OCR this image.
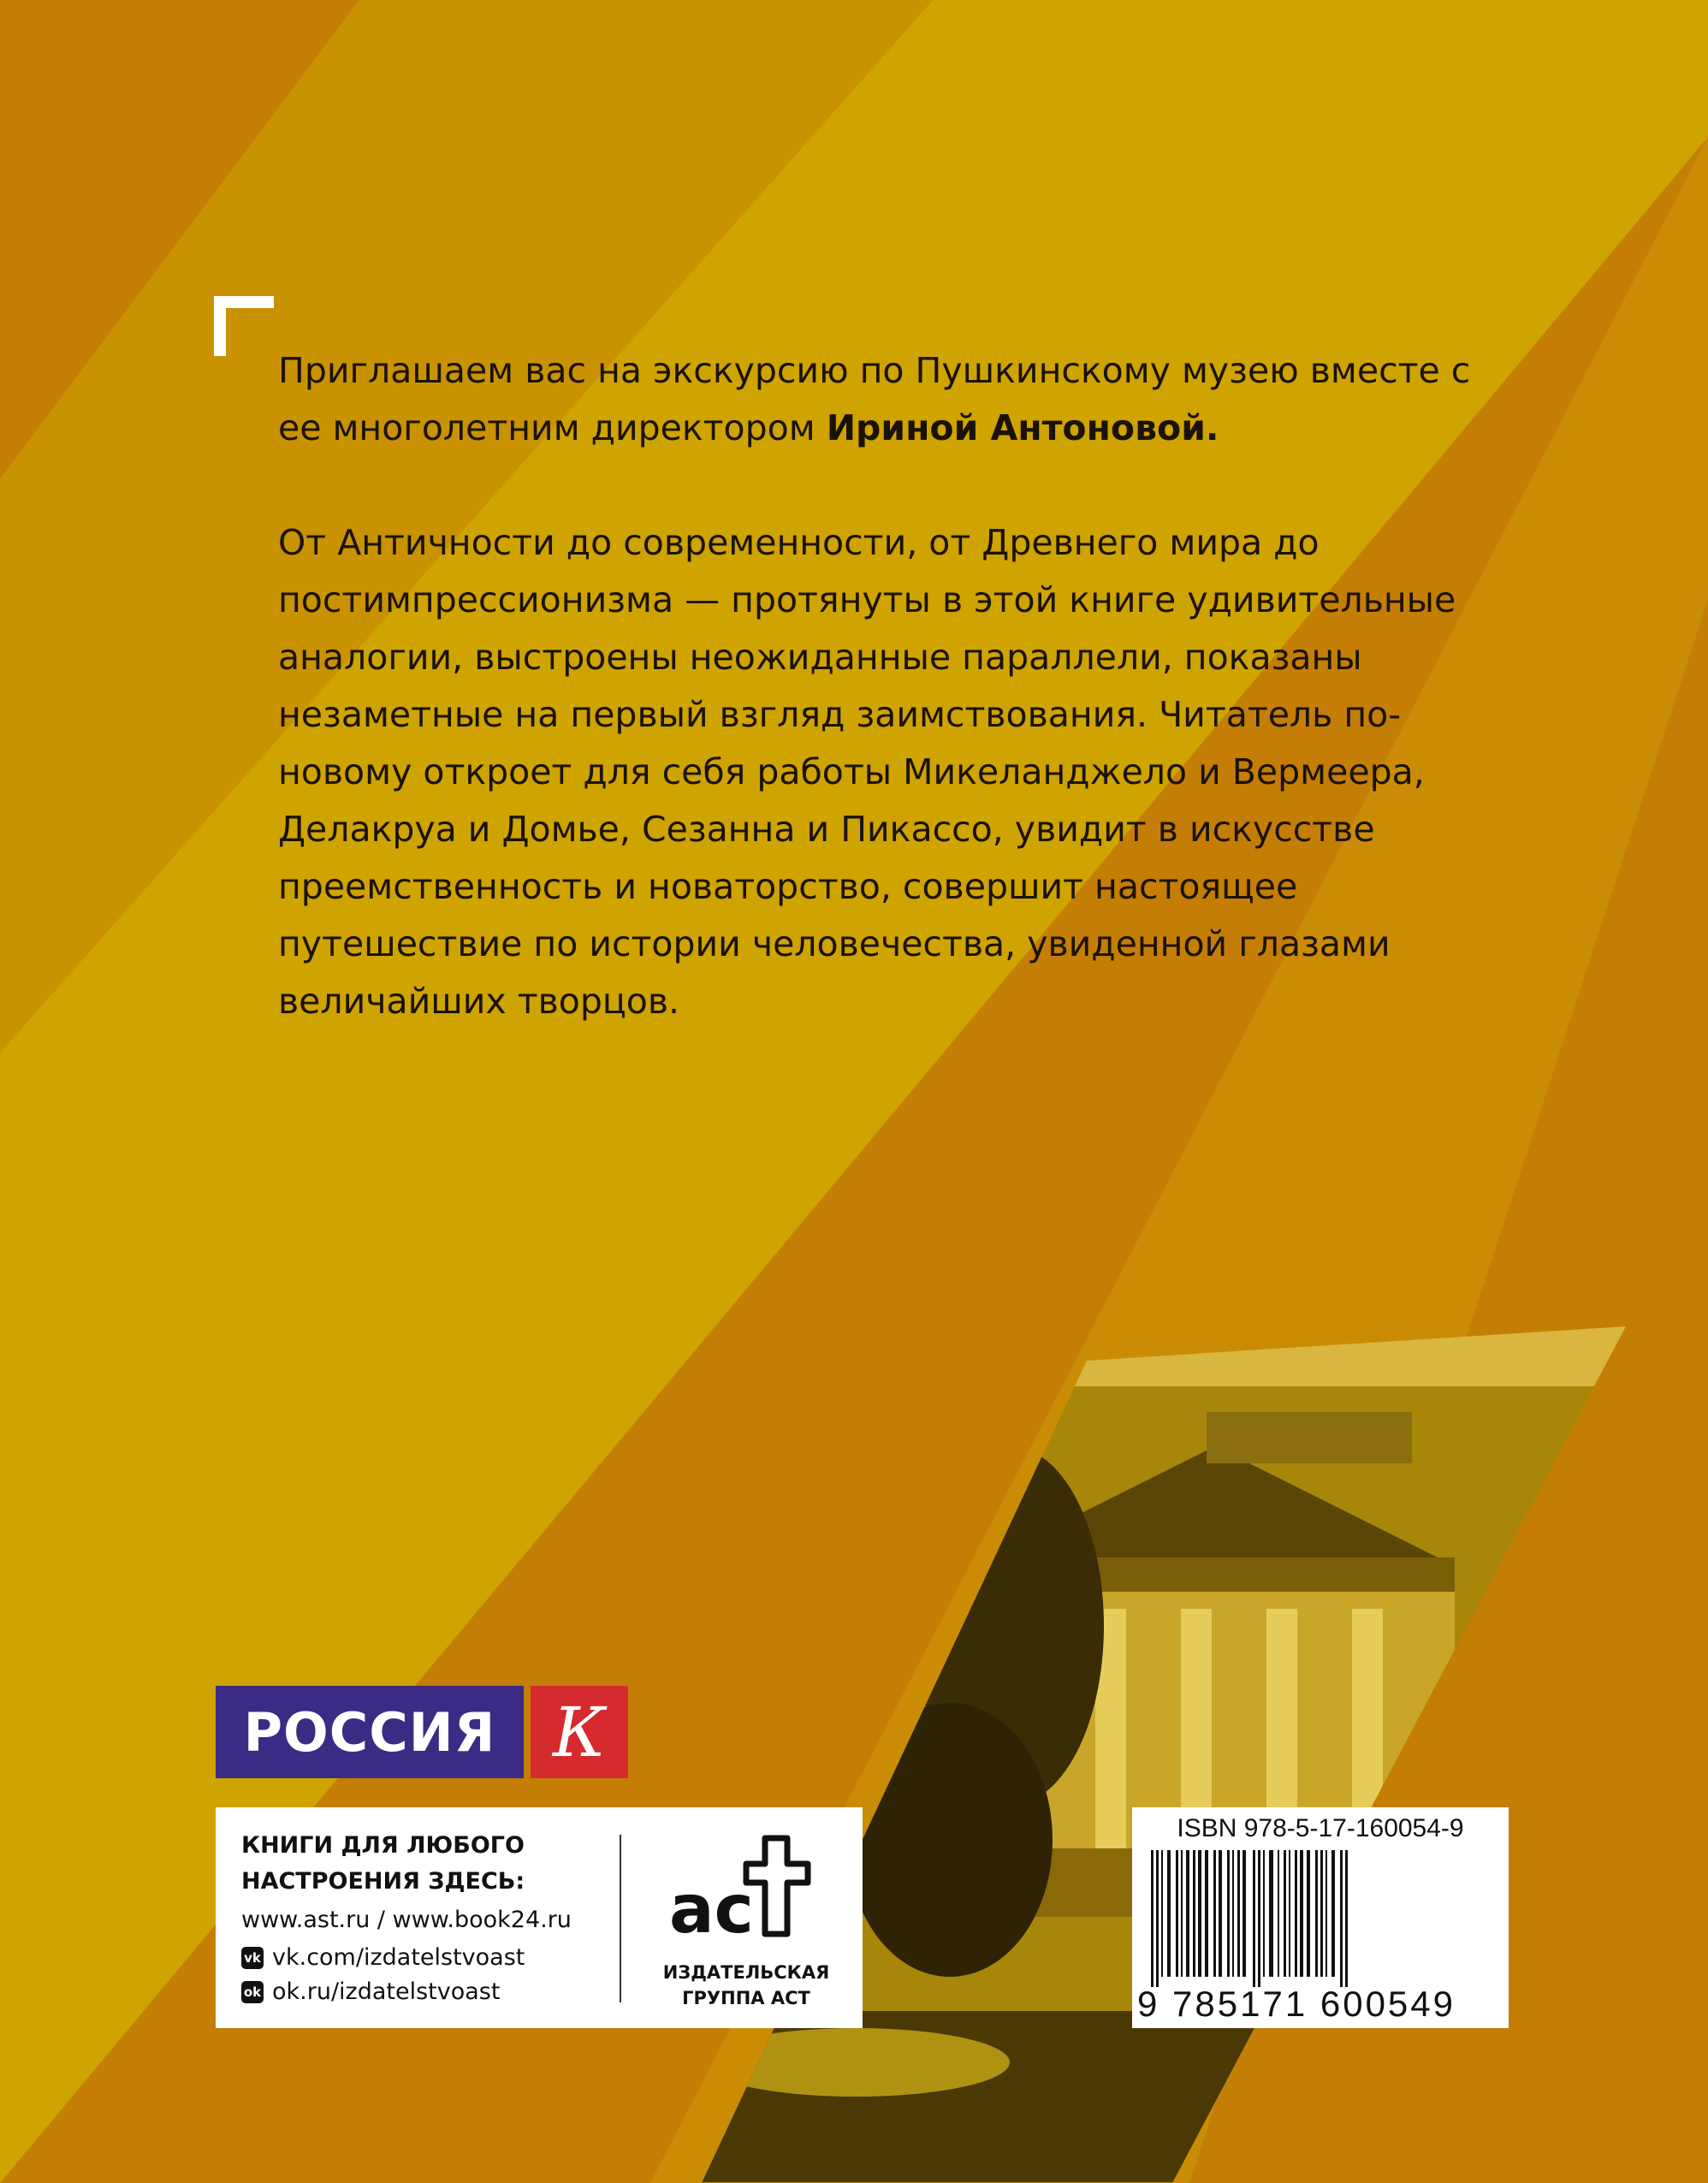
Приглашаем вас на экскурсию по Пушкинскому музею вместе с ее многолетним директором Ириной Антоновой.

От Античности до современности, от Древнего мира до постимпрессионизма — протянуты в этой книге удивительные аналогии, выстроены неожиданные параллели, показаны незаметные на первый взгляд заимствования. Читатель по-новому откроет для себя работы Микеланджело и Вермеера, Делакруа и Домье, Сезанна и Пикассо, увидит в искусстве преемственность и новаторство, совершит настоящее путешествие по истории человечества, увиденной глазами величайших творцов.

РОССИЯ К
КНИГИ ДЛЯ ЛЮБОГО
НАСТРОЕНИЯ ЗДЕСЬ:
www.ast.ru / www.book24.ru
vk vk.com/izdatelstvoast
ok ok.ru/izdatelstvoast
ac
ИЗДАТЕЛЬСКАЯ
ГРУППА АСТ
ISBN 978-5-17-160054-9
9 785171 600549
